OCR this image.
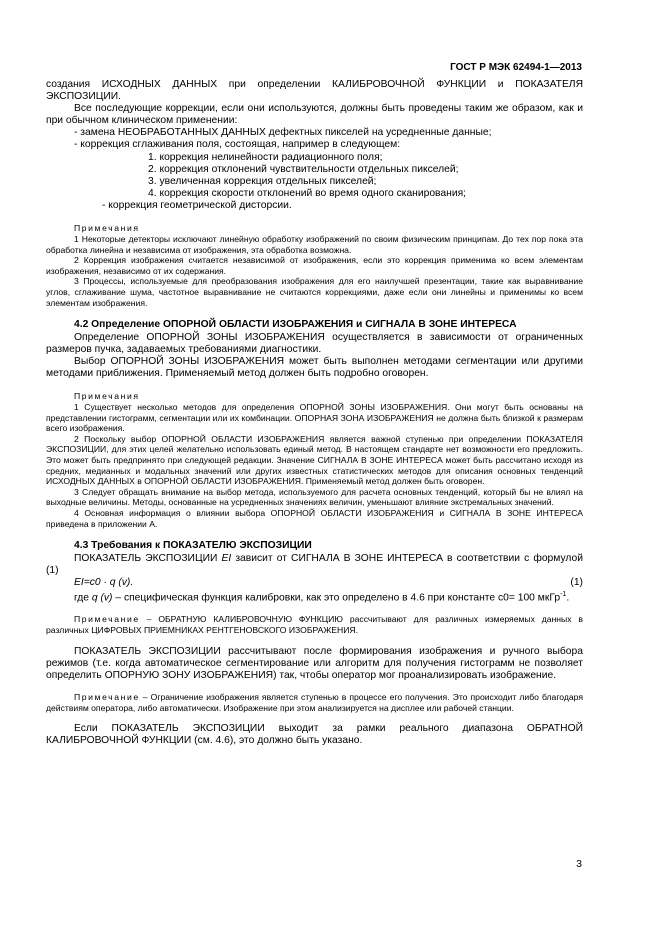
ГОСТ Р МЭК 62494-1—2013

создания ИСХОДНЫХ ДАННЫХ при определении КАЛИБРОВОЧНОЙ ФУНКЦИИ и ПОКАЗАТЕЛЯ ЭКСПОЗИЦИИ.

Все последующие коррекции, если они используются, должны быть проведены таким же образом, как и при обычном клиническом применении:

- замена НЕОБРАБОТАННЫХ ДАННЫХ дефектных пикселей на усредненные данные;

- коррекция сглаживания поля, состоящая, например в следующем:

1. коррекция нелинейности радиационного поля;

2. коррекция отклонений чувствительности отдельных пикселей;

3. увеличенная коррекция отдельных пикселей;

4. коррекция скорости отклонений во время одного сканирования;

- коррекция геометрической дисторсии.

Примечания

1 Некоторые детекторы исключают линейную обработку изображений по своим физическим принципам. До тех пор пока эта обработка линейна и независима от изображения, эта обработка возможна.

2 Коррекция изображения считается независимой от изображения, если это коррекция применима ко всем элементам изображения, независимо от их содержания.

3 Процессы, используемые для преобразования изображения для его наилучшей презентации, такие как выравнивание углов, сглаживание шума, частотное выравнивание не считаются коррекциями, даже если они линейны и применимы ко всем элементам изображения.

4.2 Определение ОПОРНОЙ ОБЛАСТИ ИЗОБРАЖЕНИЯ и СИГНАЛА В ЗОНЕ ИНТЕРЕСА

Определение ОПОРНОЙ ЗОНЫ ИЗОБРАЖЕНИЯ осуществляется в зависимости от ограниченных размеров пучка, задаваемых требованиями диагностики.

Выбор ОПОРНОЙ ЗОНЫ ИЗОБРАЖЕНИЯ может быть выполнен методами сегментации или другими методами приближения. Применяемый метод должен быть подробно оговорен.

Примечания

1 Существует несколько методов для определения ОПОРНОЙ ЗОНЫ ИЗОБРАЖЕНИЯ. Они могут быть основаны на представлении гистограмм, сегментации или их комбинации. ОПОРНАЯ ЗОНА ИЗОБРАЖЕНИЯ не должна быть близкой к размерам всего изображения.

2 Поскольку выбор ОПОРНОЙ ОБЛАСТИ ИЗОБРАЖЕНИЯ является важной ступенью при определении ПОКАЗАТЕЛЯ ЭКСПОЗИЦИИ, для этих целей желательно использовать единый метод. В настоящем стандарте нет возможности его предложить. Это может быть предпринято при следующей редакции. Значение СИГНАЛА В ЗОНЕ ИНТЕРЕСА может быть рассчитано исходя из средних, медианных и модальных значений или других известных статистических методов для описания основных тенденций ИСХОДНЫХ ДАННЫХ в ОПОРНОЙ ОБЛАСТИ ИЗОБРАЖЕНИЯ. Применяемый метод должен быть оговорен.

3 Следует обращать внимание на выбор метода, используемого для расчета основных тенденций, который бы не влиял на выходные величины. Методы, основанные на усредненных значениях величин, уменьшают влияние экстремальных значений.

4 Основная информация о влиянии выбора ОПОРНОЙ ОБЛАСТИ ИЗОБРАЖЕНИЯ и СИГНАЛА В ЗОНЕ ИНТЕРЕСА приведена в приложении А.

4.3 Требования к ПОКАЗАТЕЛЮ ЭКСПОЗИЦИИ

ПОКАЗАТЕЛЬ ЭКСПОЗИЦИИ EI зависит от СИГНАЛА В ЗОНЕ ИНТЕРЕСА в соответствии с формулой (1)

EI=c0 · q (v).	(1)

где q (v) – специфическая функция калибровки, как это определено в 4.6 при константе c0= 100 мкГр$^{-1}$.

Примечание – ОБРАТНУЮ КАЛИБРОВОЧНУЮ ФУНКЦИЮ рассчитывают для различных измеряемых данных в различных ЦИФРОВЫХ ПРИЕМНИКАХ РЕНТГЕНОВСКОГО ИЗОБРАЖЕНИЯ.

ПОКАЗАТЕЛЬ ЭКСПОЗИЦИИ рассчитывают после формирования изображения и ручного выбора режимов (т.е. когда автоматическое сегментирование или алгоритм для получения гистограмм не позволяет определить ОПОРНУЮ ЗОНУ ИЗОБРАЖЕНИЯ) так, чтобы оператор мог проанализировать изображение.

Примечание – Ограничение изображения является ступенью в процессе его получения. Это происходит либо благодаря действиям оператора, либо автоматически. Изображение при этом анализируется на дисплее или рабочей станции.

Если ПОКАЗАТЕЛЬ ЭКСПОЗИЦИИ выходит за рамки реального диапазона ОБРАТНОЙ КАЛИБРОВОЧНОЙ ФУНКЦИИ (см. 4.6), это должно быть указано.

3
